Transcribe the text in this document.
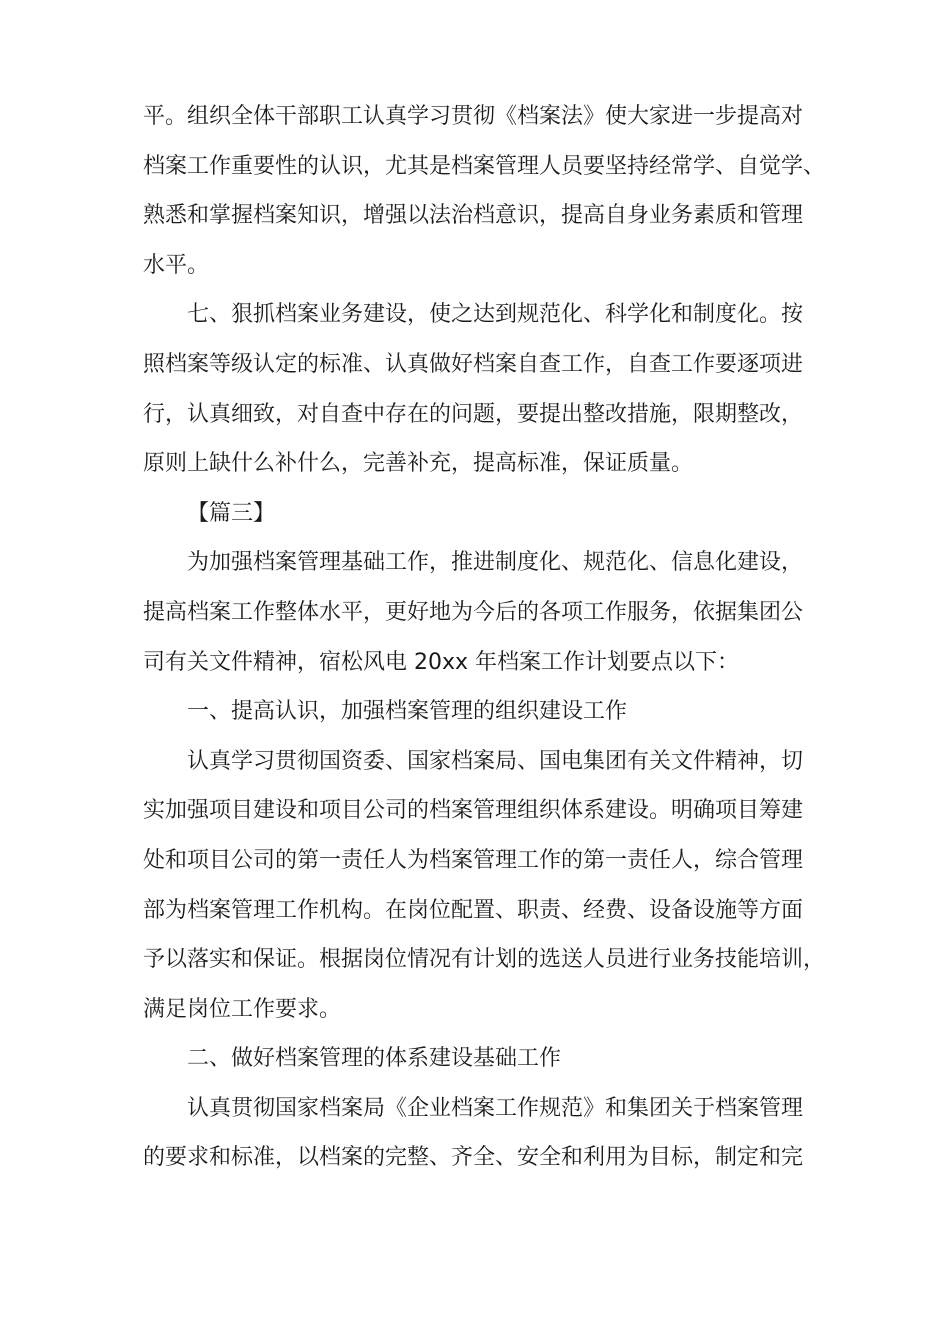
平。组织全体干部职工认真学习贯彻《档案法》使大家进一步提高对
档案工作重要性的认识，尤其是档案管理人员要坚持经常学、自觉学、
熟悉和掌握档案知识，增强以法治档意识，提高自身业务素质和管理
水平。
七、狠抓档案业务建设，使之达到规范化、科学化和制度化。按
照档案等级认定的标准、认真做好档案自查工作，自查工作要逐项进
行，认真细致，对自查中存在的问题，要提出整改措施，限期整改，
原则上缺什么补什么，完善补充，提高标准，保证质量。
【篇三】
为加强档案管理基础工作，推进制度化、规范化、信息化建设，
提高档案工作整体水平，更好地为今后的各项工作服务，依据集团公
司有关文件精神，宿松风电 20xx 年档案工作计划要点以下：
一、提高认识，加强档案管理的组织建设工作
认真学习贯彻国资委、国家档案局、国电集团有关文件精神，切
实加强项目建设和项目公司的档案管理组织体系建设。明确项目筹建
处和项目公司的第一责任人为档案管理工作的第一责任人，综合管理
部为档案管理工作机构。在岗位配置、职责、经费、设备设施等方面
予以落实和保证。根据岗位情况有计划的选送人员进行业务技能培训，
满足岗位工作要求。
二、做好档案管理的体系建设基础工作
认真贯彻国家档案局《企业档案工作规范》和集团关于档案管理
的要求和标准，以档案的完整、齐全、安全和利用为目标，制定和完
